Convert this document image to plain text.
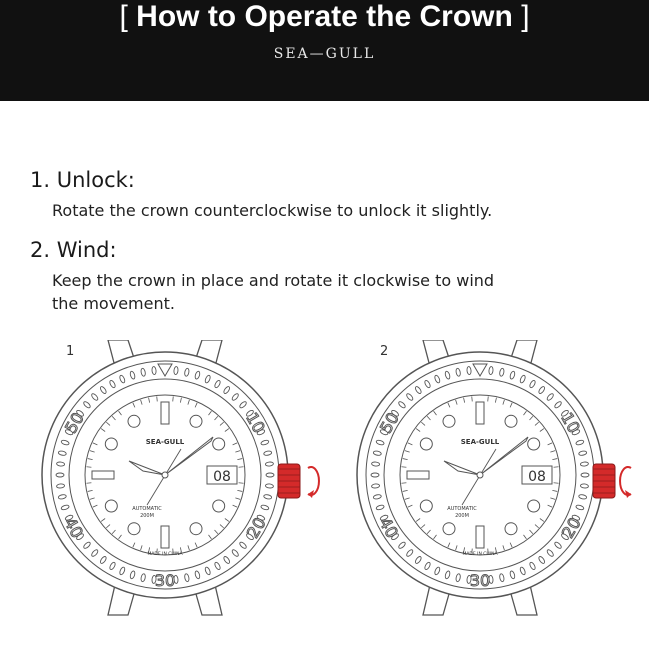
[ How to Operate the Crown ]
SEA—GULL
1. Unlock:
Rotate the crown counterclockwise to unlock it slightly.
2. Wind:
Keep the crown in place and rotate it clockwise to wind the movement.
1	2
50	10
20
30
40
08
SEA-GULL
AUTOMATIC
200M
MADE IN CHINA
50	10
20
30
40
08
SEA-GULL
AUTOMATIC
200M
MADE IN CHINA
